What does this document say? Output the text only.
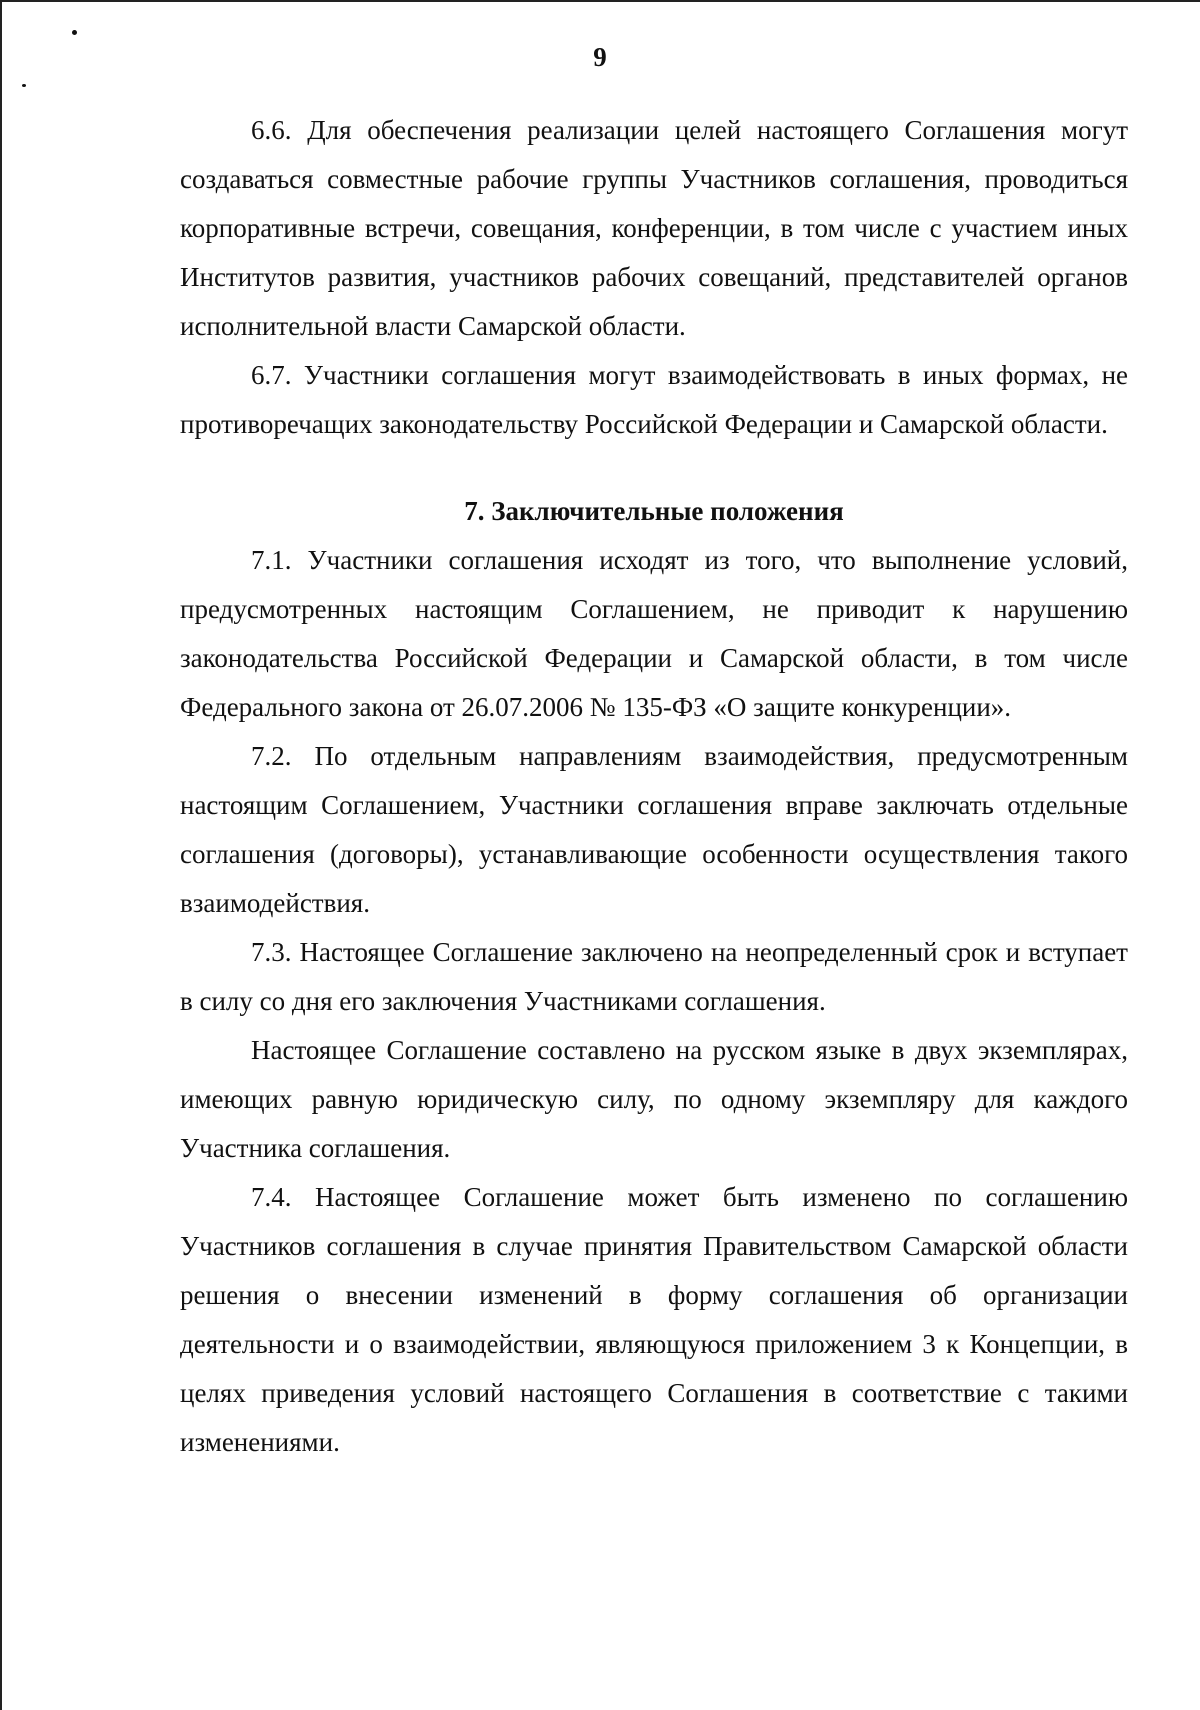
9

6.6. Для обеспечения реализации целей настоящего Соглашения могут создаваться совместные рабочие группы Участников соглашения, проводиться корпоративные встречи, совещания, конференции, в том числе с участием иных Институтов развития, участников рабочих совещаний, представителей органов исполнительной власти Самарской области.

6.7. Участники соглашения могут взаимодействовать в иных формах, не противоречащих законодательству Российской Федерации и Самарской области.

7. Заключительные положения

7.1. Участники соглашения исходят из того, что выполнение условий, предусмотренных настоящим Соглашением, не приводит к нарушению законодательства Российской Федерации и Самарской области, в том числе Федерального закона от 26.07.2006 № 135-ФЗ «О защите конкуренции».

7.2. По отдельным направлениям взаимодействия, предусмотренным настоящим Соглашением, Участники соглашения вправе заключать отдельные соглашения (договоры), устанавливающие особенности осуществления такого взаимодействия.

7.3. Настоящее Соглашение заключено на неопределенный срок и вступает в силу со дня его заключения Участниками соглашения.

Настоящее Соглашение составлено на русском языке в двух экземплярах, имеющих равную юридическую силу, по одному экземпляру для каждого Участника соглашения.

7.4. Настоящее Соглашение может быть изменено по соглашению Участников соглашения в случае принятия Правительством Самарской области решения о внесении изменений в форму соглашения об организации деятельности и о взаимодействии, являющуюся приложением 3 к Концепции, в целях приведения условий настоящего Соглашения в соответствие с такими изменениями.
